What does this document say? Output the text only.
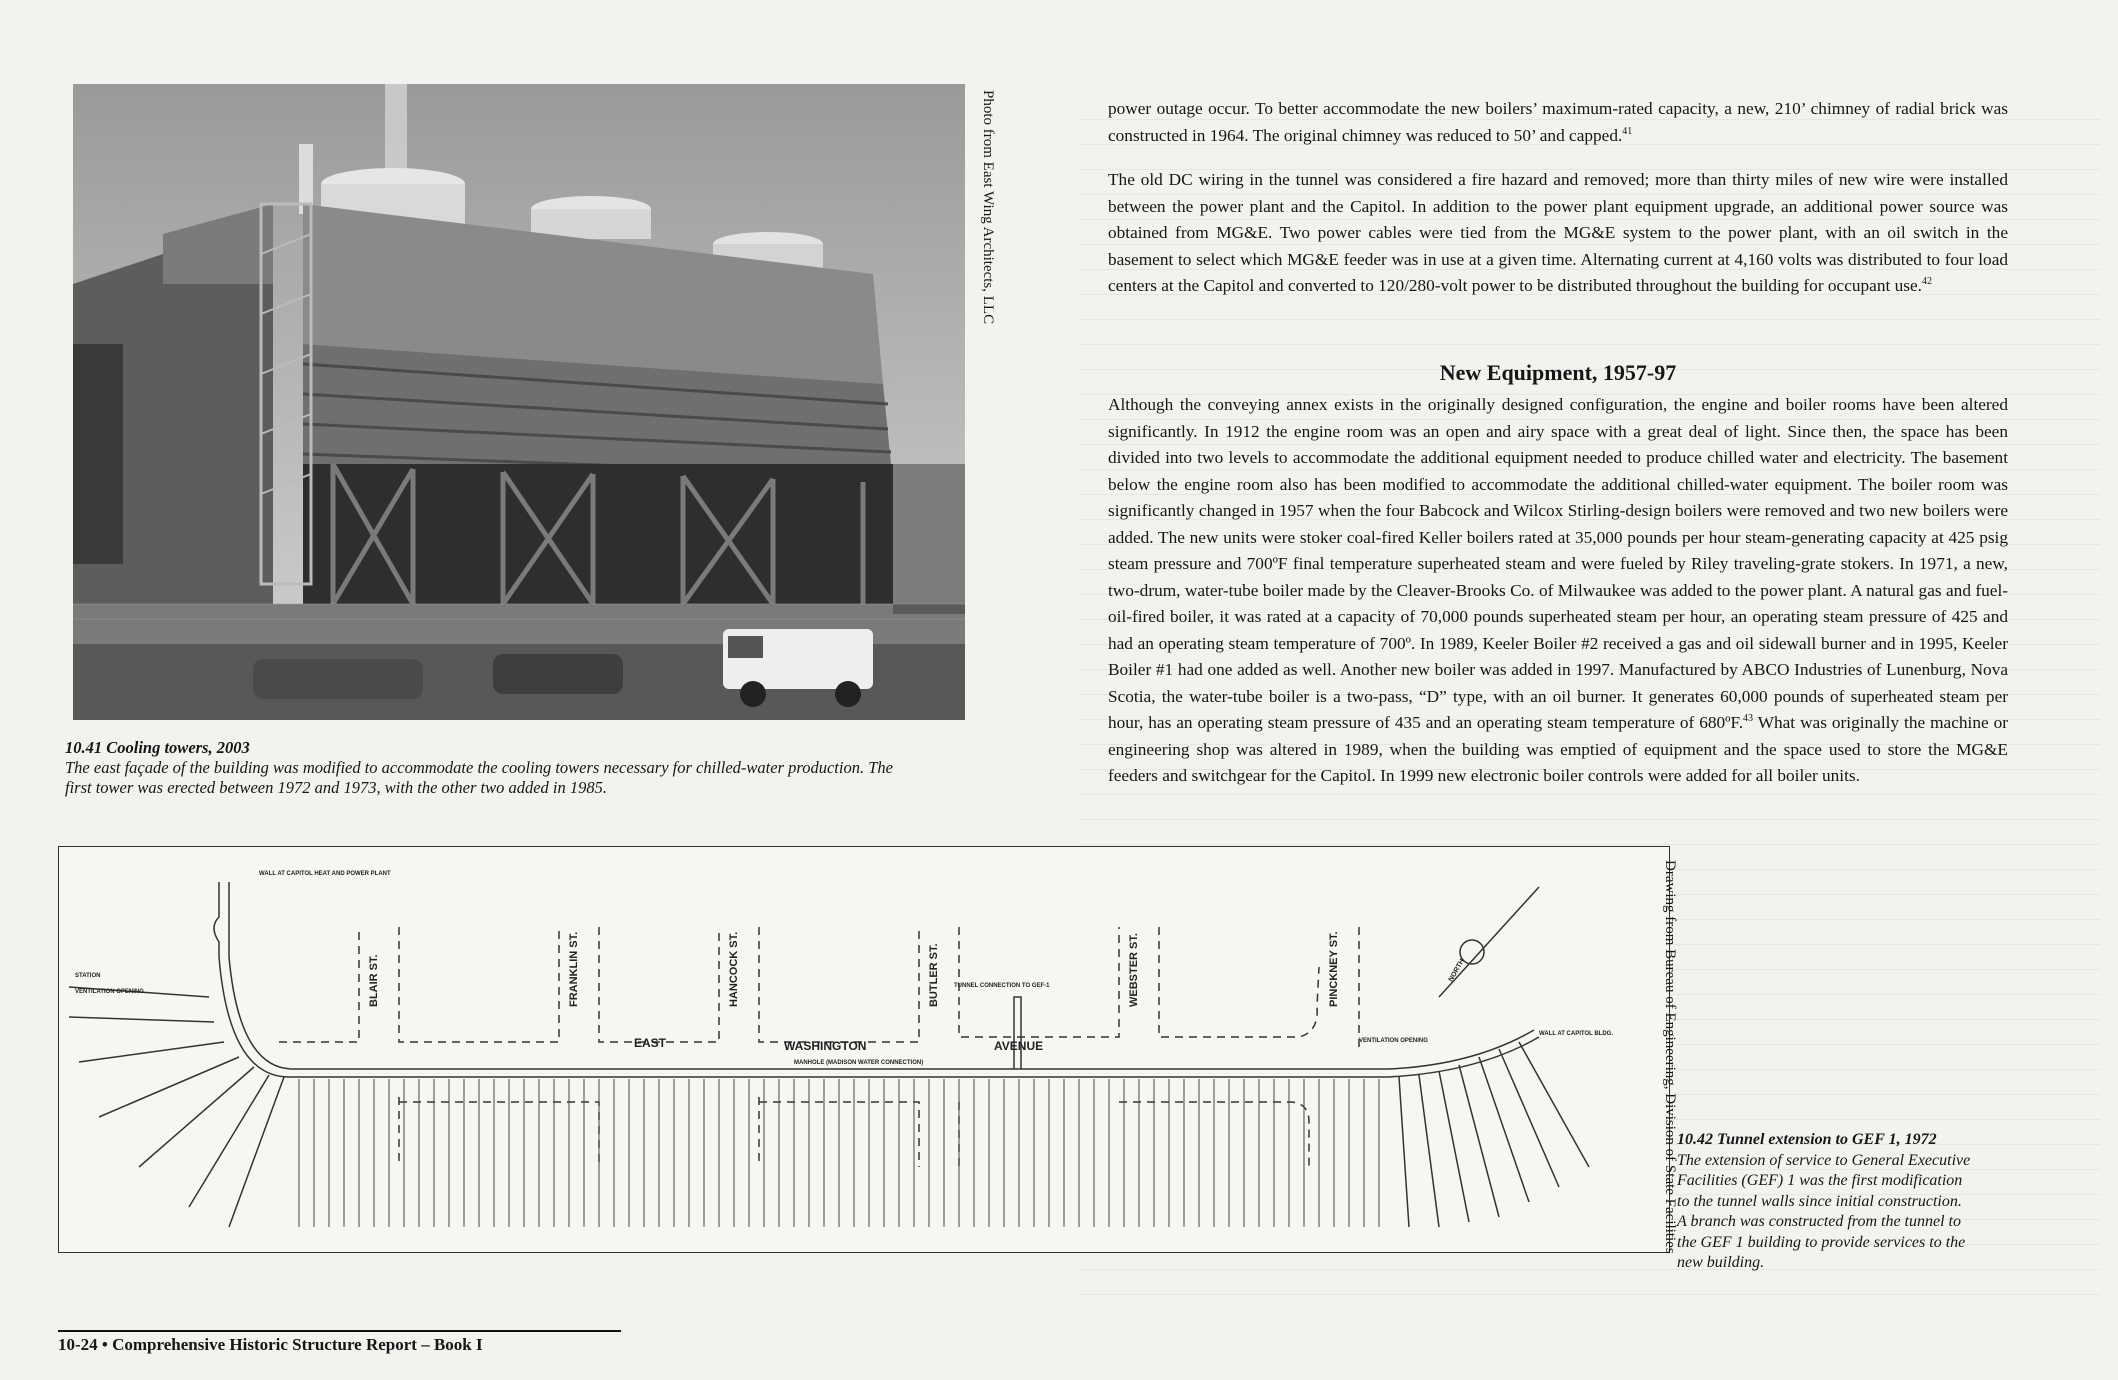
Photo from East Wing Architects, LLC
10.41 Cooling towers, 2003
The east façade of the building was modified to accommodate the cooling towers necessary for chilled-water production. The
first tower was erected between 1972 and 1973, with the other two added in 1985.

power outage occur. To better accommodate the new boilers’ maximum-rated capacity, a new, 210’ chimney of radial brick was constructed in 1964. The original chimney was reduced to 50’ and capped.$^{41}$

The old DC wiring in the tunnel was considered a fire hazard and removed; more than thirty miles of new wire were installed between the power plant and the Capitol. In addition to the power plant equipment upgrade, an additional power source was obtained from MG&E. Two power cables were tied from the MG&E system to the power plant, with an oil switch in the basement to select which MG&E feeder was in use at a given time. Alternating current at 4,160 volts was distributed to four load centers at the Capitol and converted to 120/280-volt power to be distributed throughout the building for occupant use.$^{42}$

New Equipment, 1957-97

Although the conveying annex exists in the originally designed configuration, the engine and boiler rooms have been altered significantly. In 1912 the engine room was an open and airy space with a great deal of light. Since then, the space has been divided into two levels to accommodate the additional equipment needed to produce chilled water and electricity. The basement below the engine room also has been modified to accommodate the additional chilled-water equipment. The boiler room was significantly changed in 1957 when the four Babcock and Wilcox Stirling-design boilers were removed and two new boilers were added. The new units were stoker coal-fired Keller boilers rated at 35,000 pounds per hour steam-generating capacity at 425 psig steam pressure and 700ºF final temperature superheated steam and were fueled by Riley traveling-grate stokers. In 1971, a new, two-drum, water-tube boiler made by the Cleaver-Brooks Co. of Milwaukee was added to the power plant. A natural gas and fuel-oil-fired boiler, it was rated at a capacity of 70,000 pounds superheated steam per hour, an operating steam pressure of 425 and had an operating steam temperature of 700º. In 1989, Keeler Boiler #2 received a gas and oil sidewall burner and in 1995, Keeler Boiler #1 had one added as well. Another new boiler was added in 1997. Manufactured by ABCO Industries of Lunenburg, Nova Scotia, the water-tube boiler is a two-pass, “D” type, with an oil burner. It generates 60,000 pounds of superheated steam per hour, has an operating steam pressure of 435 and an operating steam temperature of 680ºF.$^{43}$ What was originally the machine or engineering shop was altered in 1989, when the building was emptied of equipment and the space used to store the MG&E feeders and switchgear for the Capitol. In 1999 new electronic boiler controls were added for all boiler units.

BLAIR ST.	FRANKLIN ST.	HANCOCK ST.	BUTLER ST.	WEBSTER ST.	PINCKNEY ST.
WALL AT CAPITOL HEAT AND POWER PLANT
STATION
VENTILATION OPENING
EAST	WASHINGTON	AVENUE
TUNNEL CONNECTION TO GEF-1
MANHOLE (MADISON WATER CONNECTION)
VENTILATION OPENING
WALL AT CAPITOL BLDG.
NORTH	Drawing from Bureau of Engineering, Division of State Facilities 10.42 Tunnel extension to GEF 1, 1972
The extension of service to General Executive
Facilities (GEF) 1 was the first modification
to the tunnel walls since initial construction.
A branch was constructed from the tunnel to
the GEF 1 building to provide services to the
new building.
10-24 • Comprehensive Historic Structure Report – Book I
